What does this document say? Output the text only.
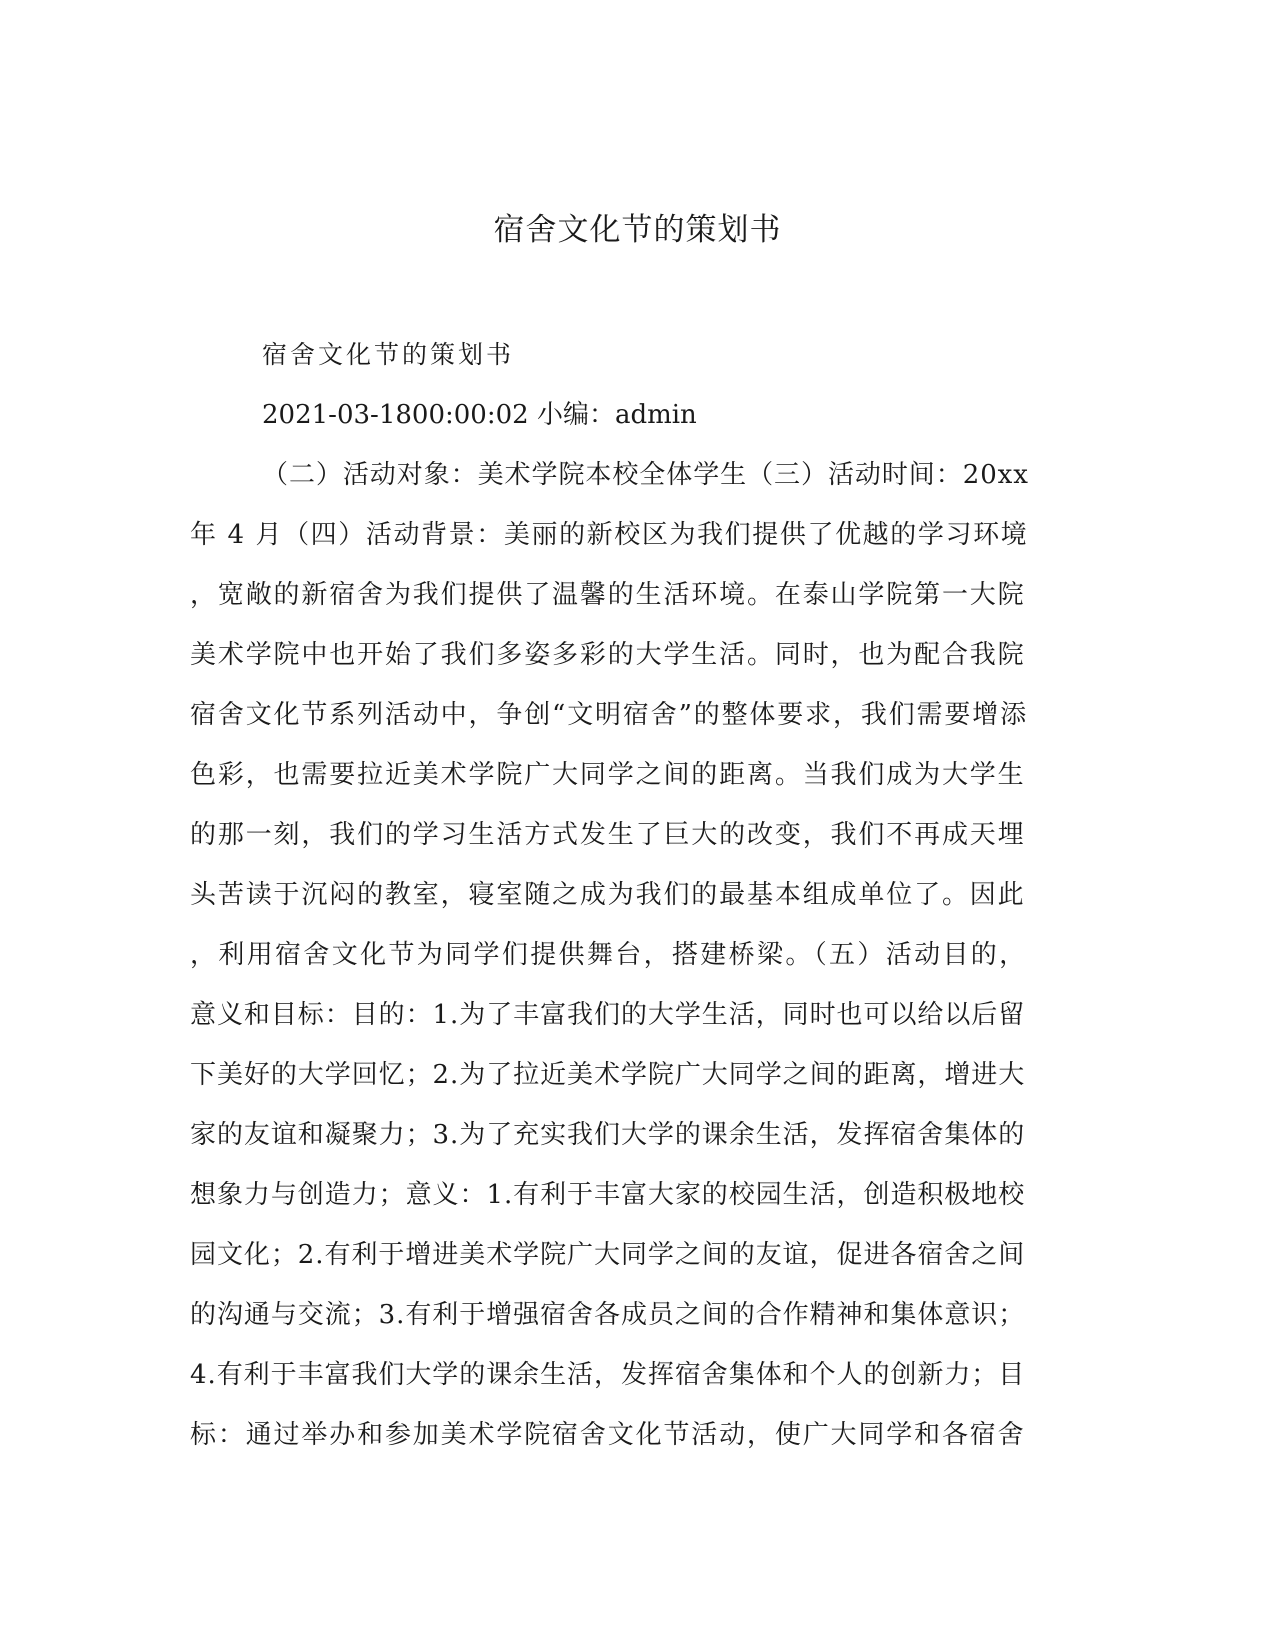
宿舍文化节的策划书

宿舍文化节的策划书

2021-03-1800:00:02 小编：admin

（二）活动对象：美术学院本校全体学生（三）活动时间：20xx
年 4 月（四）活动背景：美丽的新校区为我们提供了优越的学习环境
，宽敞的新宿舍为我们提供了温馨的生活环境。在泰山学院第一大院
美术学院中也开始了我们多姿多彩的大学生活。同时，也为配合我院
宿舍文化节系列活动中，争创“文明宿舍”的整体要求，我们需要增添
色彩，也需要拉近美术学院广大同学之间的距离。当我们成为大学生
的那一刻，我们的学习生活方式发生了巨大的改变，我们不再成天埋
头苦读于沉闷的教室，寝室随之成为我们的最基本组成单位了。因此
，利用宿舍文化节为同学们提供舞台，搭建桥梁。（五）活动目的，
意义和目标：目的：1.为了丰富我们的大学生活，同时也可以给以后留
下美好的大学回忆；2.为了拉近美术学院广大同学之间的距离，增进大
家的友谊和凝聚力；3.为了充实我们大学的课余生活，发挥宿舍集体的
想象力与创造力；意义：1.有利于丰富大家的校园生活，创造积极地校
园文化；2.有利于增进美术学院广大同学之间的友谊，促进各宿舍之间
的沟通与交流；3.有利于增强宿舍各成员之间的合作精神和集体意识；
4.有利于丰富我们大学的课余生活，发挥宿舍集体和个人的创新力；目
标：通过举办和参加美术学院宿舍文化节活动，使广大同学和各宿舍
